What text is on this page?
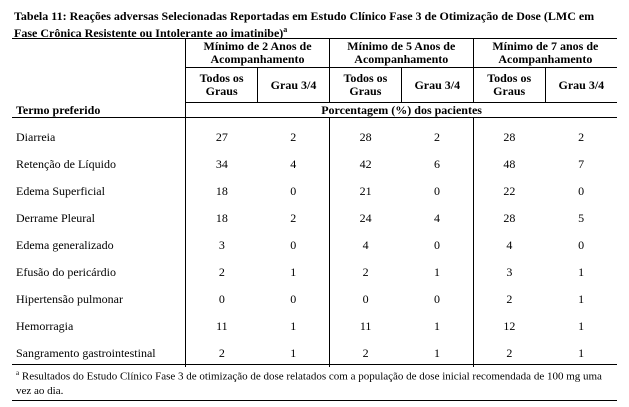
Tabela 11: Reações adversas Selecionadas Reportadas em Estudo Clínico Fase 3 de Otimização de Dose (LMC em Fase Crônica Resistente ou Intolerante ao imatinibe)$^a$
	Mínimo de 2 Anos de Acompanhamento		Mínimo de 5 Anos de Acompanhamento		Mínimo de 7 anos de Acompanhamento	
	Todos os Graus	Grau 3/4	Todos os Graus	Grau 3/4	Todos os Graus	Grau 3/4
Termo preferido	Porcentagem (%) dos pacientes					

Diarreia	27	2	28	2	28	2
Retenção de Líquido	34	4	42	6	48	7
Edema Superficial	18	0	21	0	22	0
Derrame Pleural	18	2	24	4	28	5
Edema generalizado	3	0	4	0	4	0
Efusão do pericárdio	2	1	2	1	3	1
Hipertensão pulmonar	0	0	0	0	2	1
Hemorragia	11	1	11	1	12	1
Sangramento gastrointestinal	2	1	2	1	2	1
$^a$ Resultados do Estudo Clínico Fase 3 de otimização de dose relatados com a população de dose inicial recomendada de 100 mg uma vez ao dia.
